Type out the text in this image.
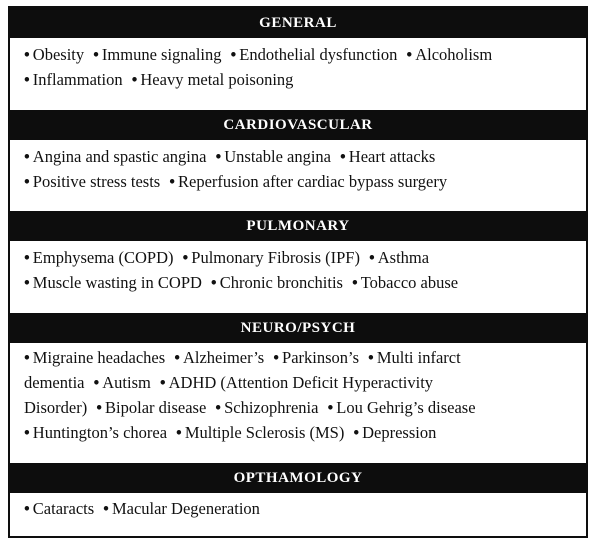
GENERAL
• Obesity • Immune signaling • Endothelial dysfunction • Alcoholism
• Inflammation • Heavy metal poisoning
CARDIOVASCULAR
• Angina and spastic angina • Unstable angina • Heart attacks
• Positive stress tests • Reperfusion after cardiac bypass surgery
PULMONARY
• Emphysema (COPD) • Pulmonary Fibrosis (IPF) • Asthma
• Muscle wasting in COPD • Chronic bronchitis • Tobacco abuse
NEURO/PSYCH
• Migraine headaches • Alzheimer’s • Parkinson’s • Multi infarct
dementia • Autism • ADHD (Attention Deficit Hyperactivity
Disorder) • Bipolar disease • Schizophrenia • Lou Gehrig’s disease
• Huntington’s chorea • Multiple Sclerosis (MS) • Depression
OPTHAMOLOGY
• Cataracts • Macular Degeneration
